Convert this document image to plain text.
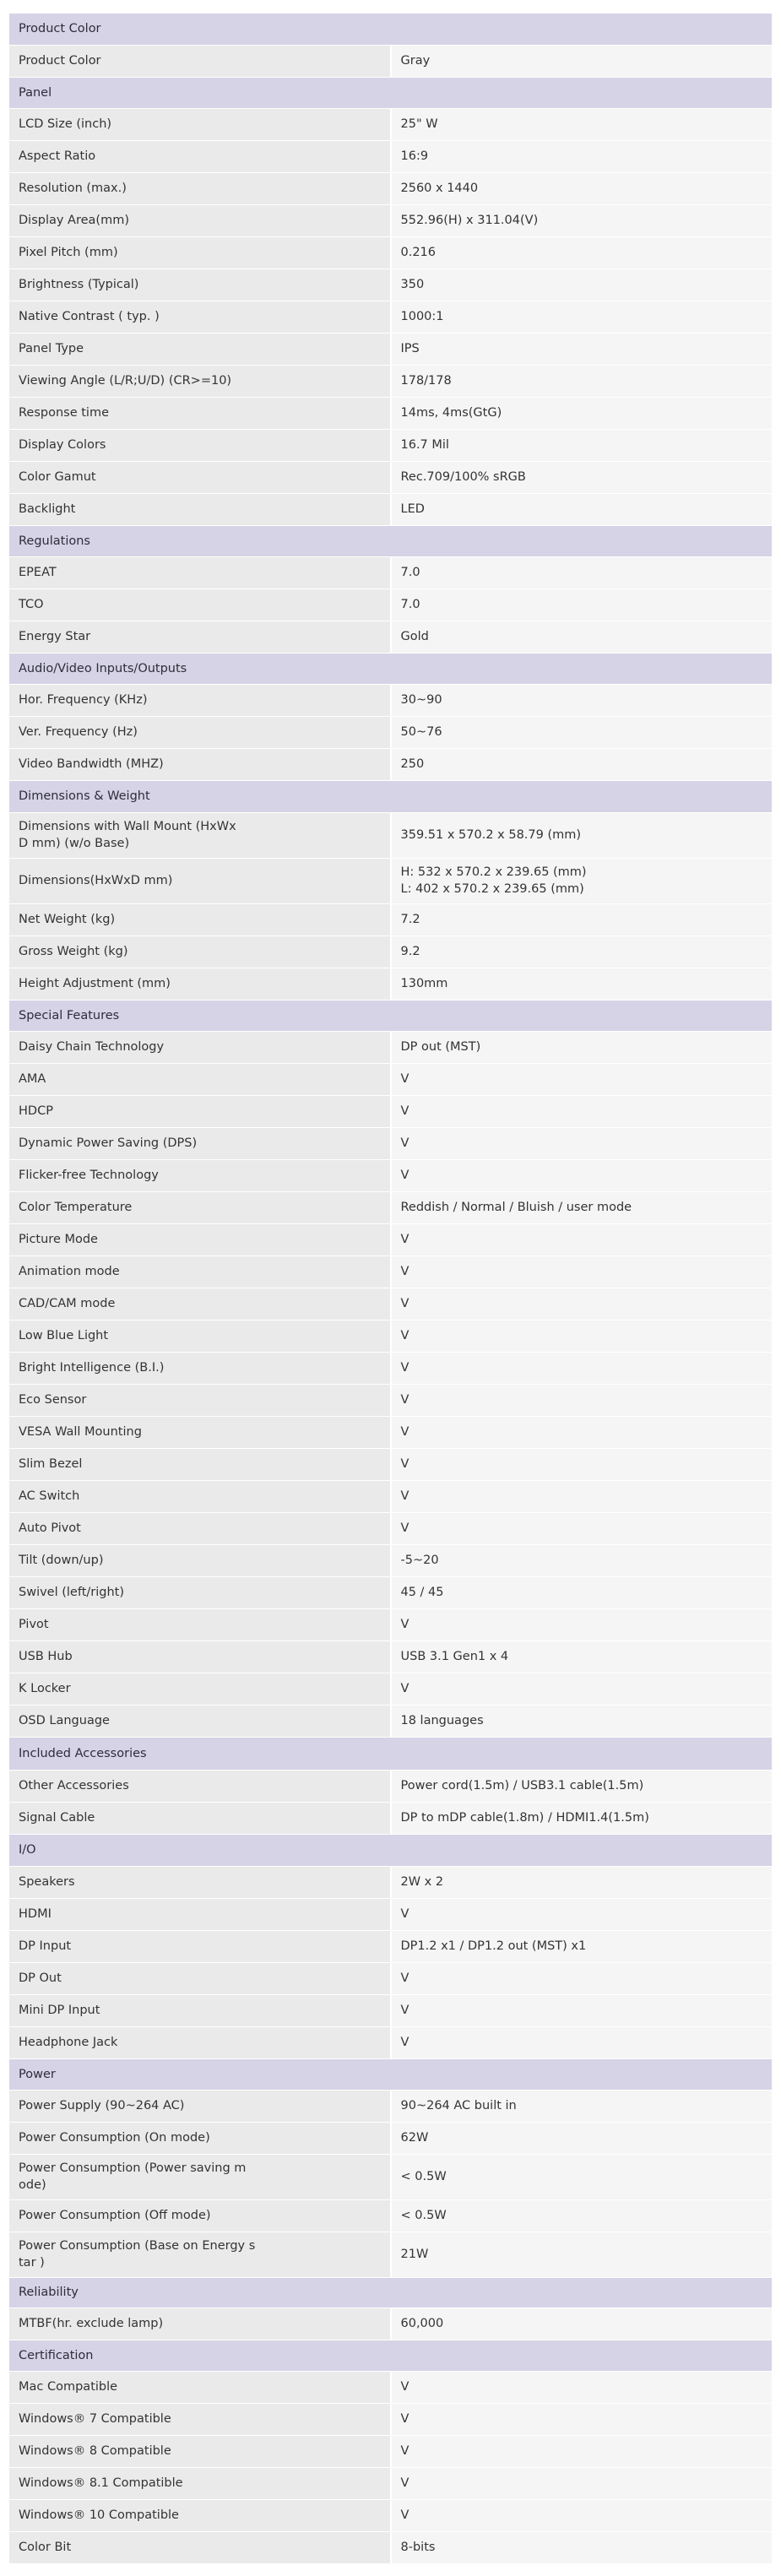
Product Color	
Product Color	Gray
Panel	
LCD Size (inch)	25" W
Aspect Ratio	16:9
Resolution (max.)	2560 x 1440
Display Area(mm)	552.96(H) x 311.04(V)
Pixel Pitch (mm)	0.216
Brightness (Typical)	350
Native Contrast ( typ. )	1000:1
Panel Type	IPS
Viewing Angle (L/R;U/D) (CR>=10)	178/178
Response time	14ms, 4ms(GtG)
Display Colors	16.7 Mil
Color Gamut	Rec.709/100% sRGB
Backlight	LED
Regulations	
EPEAT	7.0
TCO	7.0
Energy Star	Gold
Audio/Video Inputs/Outputs	
Hor. Frequency (KHz)	30~90
Ver. Frequency (Hz)	50~76
Video Bandwidth (MHZ)	250
Dimensions & Weight	

Dimensions with Wall Mount (HxWx
D mm) (w/o Base)	359.51 x 570.2 x 58.79 (mm)

Dimensions(HxWxD mm)	H: 532 x 570.2 x 239.65 (mm)
L: 402 x 570.2 x 239.65 (mm)

Net Weight (kg)	7.2
Gross Weight (kg)	9.2
Height Adjustment (mm)	130mm
Special Features	
Daisy Chain Technology	DP out (MST)
AMA	V
HDCP	V
Dynamic Power Saving (DPS)	V
Flicker-free Technology	V
Color Temperature	Reddish / Normal / Bluish / user mode
Picture Mode	V
Animation mode	V
CAD/CAM mode	V
Low Blue Light	V
Bright Intelligence (B.I.)	V
Eco Sensor	V
VESA Wall Mounting	V
Slim Bezel	V
AC Switch	V
Auto Pivot	V
Tilt (down/up)	-5~20
Swivel (left/right)	45 / 45
Pivot	V
USB Hub	USB 3.1 Gen1 x 4
K Locker	V
OSD Language	18 languages
Included Accessories	
Other Accessories	Power cord(1.5m) / USB3.1 cable(1.5m)
Signal Cable	DP to mDP cable(1.8m) / HDMI1.4(1.5m)
I/O	
Speakers	2W x 2
HDMI	V
DP Input	DP1.2 x1 / DP1.2 out (MST) x1
DP Out	V
Mini DP Input	V
Headphone Jack	V
Power	

Power Supply (90~264 AC)	90~264 AC built in

Power Consumption (On mode)	62W

Power Consumption (Power saving m
ode)	< 0.5W

Power Consumption (Off mode)	< 0.5W

Power Consumption (Base on Energy s
tar )	21W

Reliability	
MTBF(hr. exclude lamp)	60,000
Certification	
Mac Compatible	V
Windows® 7 Compatible	V
Windows® 8 Compatible	V
Windows® 8.1 Compatible	V
Windows® 10 Compatible	V
Color Bit	8-bits
